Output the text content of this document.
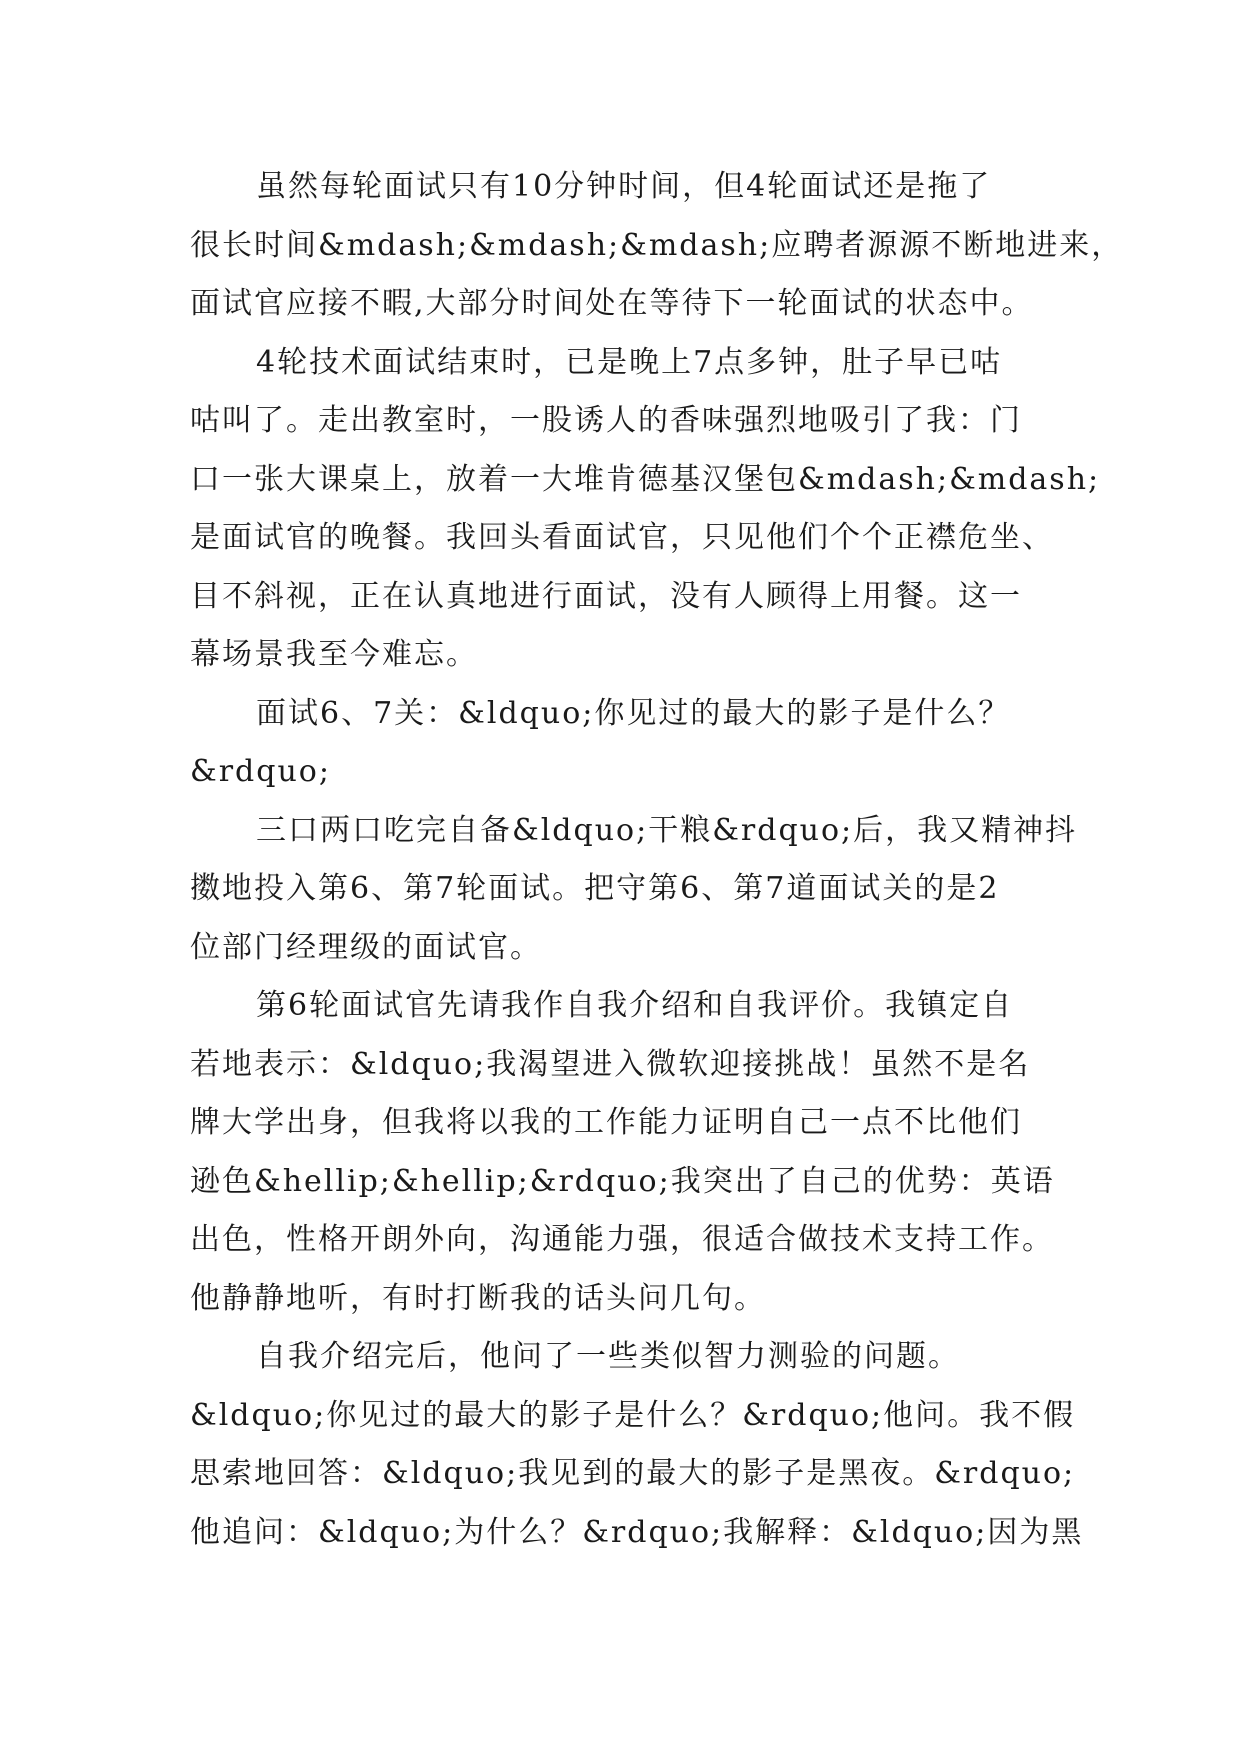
虽然每轮面试只有10分钟时间，但4轮面试还是拖了
很长时间&mdash;&mdash;&mdash;应聘者源源不断地进来，
面试官应接不暇,大部分时间处在等待下一轮面试的状态中。
4轮技术面试结束时，已是晚上7点多钟，肚子早已咕
咕叫了。走出教室时，一股诱人的香味强烈地吸引了我：门
口一张大课桌上，放着一大堆肯德基汉堡包&mdash;&mdash;
是面试官的晚餐。我回头看面试官，只见他们个个正襟危坐、
目不斜视，正在认真地进行面试，没有人顾得上用餐。这一
幕场景我至今难忘。
面试6、7关：&ldquo;你见过的最大的影子是什么？
&rdquo;
三口两口吃完自备&ldquo;干粮&rdquo;后，我又精神抖
擞地投入第6、第7轮面试。把守第6、第7道面试关的是2
位部门经理级的面试官。
第6轮面试官先请我作自我介绍和自我评价。我镇定自
若地表示：&ldquo;我渴望进入微软迎接挑战！虽然不是名
牌大学出身，但我将以我的工作能力证明自己一点不比他们
逊色&hellip;&hellip;&rdquo;我突出了自己的优势：英语
出色，性格开朗外向，沟通能力强，很适合做技术支持工作。
他静静地听，有时打断我的话头问几句。
自我介绍完后，他问了一些类似智力测验的问题。
&ldquo;你见过的最大的影子是什么？&rdquo;他问。我不假
思索地回答：&ldquo;我见到的最大的影子是黑夜。&rdquo;
他追问：&ldquo;为什么？&rdquo;我解释：&ldquo;因为黑
